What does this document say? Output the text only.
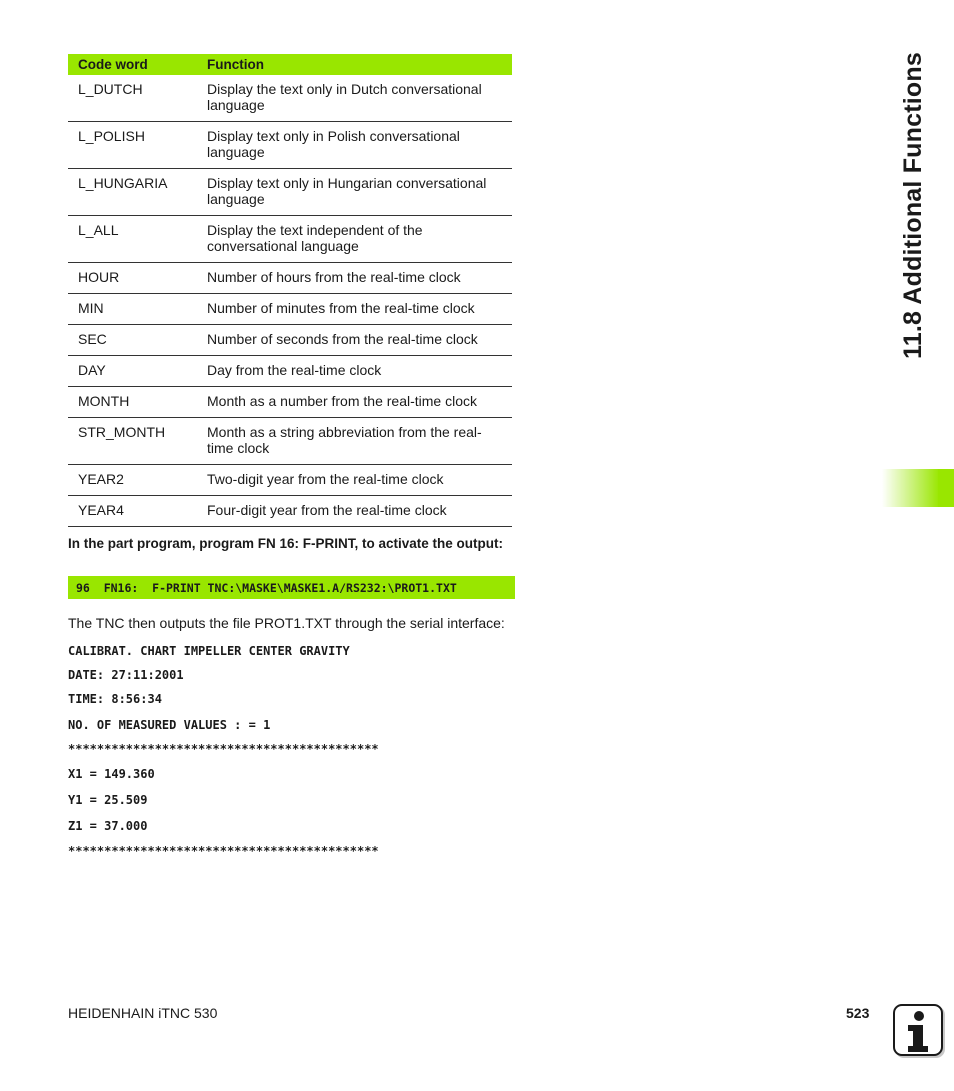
11.8 Additional Functions
Code word	Function
L_DUTCH	Display the text only in Dutch conversational language
L_POLISH	Display text only in Polish conversational language
L_HUNGARIA	Display text only in Hungarian conversational language
L_ALL	Display the text independent of the conversational language
HOUR	Number of hours from the real-time clock
MIN	Number of minutes from the real-time clock
SEC	Number of seconds from the real-time clock
DAY	Day from the real-time clock
MONTH	Month as a number from the real-time clock
STR_MONTH	Month as a string abbreviation from the real-time clock
YEAR2	Two-digit year from the real-time clock
YEAR4	Four-digit year from the real-time clock
In the part program, program FN 16: F-PRINT, to activate the output:
96  FN16:  F-PRINT TNC:\MASKE\MASKE1.A/RS232:\PROT1.TXT
The TNC then outputs the file PROT1.TXT through the serial interface:
CALIBRAT. CHART IMPELLER CENTER GRAVITY
DATE: 27:11:2001
TIME: 8:56:34
NO. OF MEASURED VALUES : = 1
*******************************************
X1 = 149.360
Y1 = 25.509
Z1 = 37.000
*******************************************
HEIDENHAIN iTNC 530	523
